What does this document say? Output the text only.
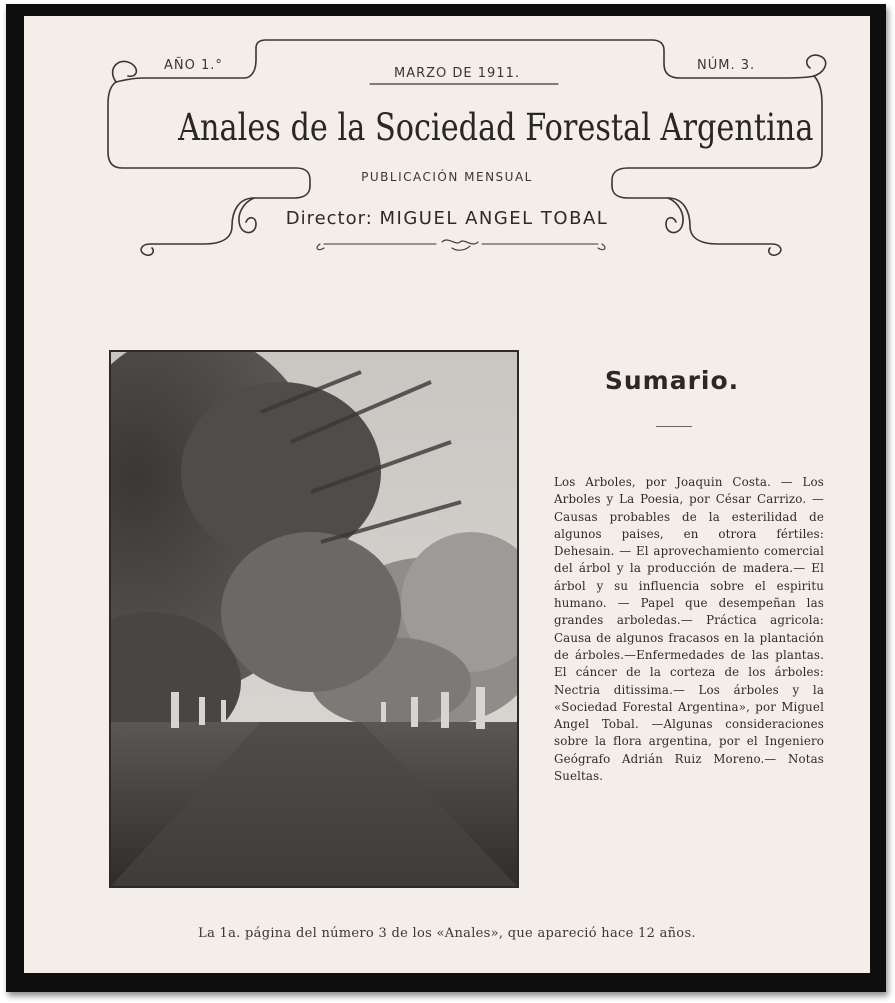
AÑO 1.°
MARZO DE 1911.
NÚM. 3.
Anales de la Sociedad Forestal Argentina
PUBLICACIÓN MENSUAL
Director: MIGUEL ANGEL TOBAL
Sumario.
Los Arboles, por Joaquin Costa. — Los Arboles y La Poesia, por César Carrizo. — Causas probables de la esterilidad de algunos paises, en otrora fértiles: Dehesain. — El aprovechamiento comercial del árbol y la producción de madera.— El árbol y su influencia sobre el espiritu humano. — Papel que desempeñan las grandes arboledas.— Práctica agricola: Causa de algunos fracasos en la plantación de árboles.—Enfermedades de las plantas. El cáncer de la corteza de los árboles: Nectria ditissima.— Los árboles y la «Sociedad Forestal Argentina», por Miguel Angel Tobal. —Algunas consideraciones sobre la flora argentina, por el Ingeniero Geógrafo Adrián Ruiz Moreno.— Notas Sueltas.
La 1a. página del número 3 de los «Anales», que apareció hace 12 años.
